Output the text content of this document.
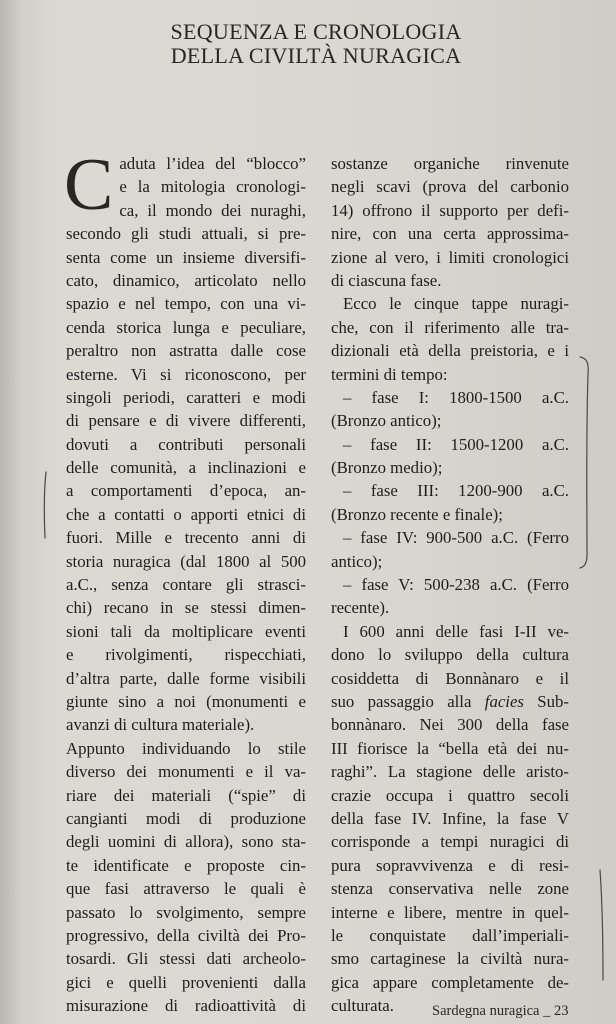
SEQUENZA E CRONOLOGIA
DELLA CIVILTÀ NURAGICA
C aduta l’idea del “blocco”
e la mitologia cronologi-
ca, il mondo dei nuraghi,
secondo gli studi attuali, si pre-
senta come un insieme diversifi-
cato, dinamico, articolato nello
spazio e nel tempo, con una vi-
cenda storica lunga e peculiare,
peraltro non astratta dalle cose
esterne. Vi si riconoscono, per
singoli periodi, caratteri e modi
di pensare e di vivere differenti,
dovuti a contributi personali
delle comunità, a inclinazioni e
a comportamenti d’epoca, an-
che a contatti o apporti etnici di
fuori. Mille e trecento anni di
storia nuragica (dal 1800 al 500
a.C., senza contare gli strasci-
chi) recano in se stessi dimen-
sioni tali da moltiplicare eventi
e rivolgimenti, rispecchiati,
d’altra parte, dalle forme visibili
giunte sino a noi (monumenti e
avanzi di cultura materiale).
Appunto individuando lo stile
diverso dei monumenti e il va-
riare dei materiali (“spie” di
cangianti modi di produzione
degli uomini di allora), sono sta-
te identificate e proposte cin-
que fasi attraverso le quali è
passato lo svolgimento, sempre
progressivo, della civiltà dei Pro-
tosardi. Gli stessi dati archeolo-
gici e quelli provenienti dalla
misurazione di radioattività di
sostanze organiche rinvenute
negli scavi (prova del carbonio
14) offrono il supporto per defi-
nire, con una certa approssima-
zione al vero, i limiti cronologici
di ciascuna fase.
Ecco le cinque tappe nuragi-
che, con il riferimento alle tra-
dizionali età della preistoria, e i
termini di tempo:
– fase I: 1800-1500 a.C.
(Bronzo antico);
– fase II: 1500-1200 a.C.
(Bronzo medio);
– fase III: 1200-900 a.C.
(Bronzo recente e finale);
– fase IV: 900-500 a.C. (Ferro
antico);
– fase V: 500-238 a.C. (Ferro
recente).
I 600 anni delle fasi I-II ve-
dono lo sviluppo della cultura
cosiddetta di Bonnànaro e il
suo passaggio alla facies Sub-
bonnànaro. Nei 300 della fase
III fiorisce la “bella età dei nu-
raghi”. La stagione delle aristo-
crazie occupa i quattro secoli
della fase IV. Infine, la fase V
corrisponde a tempi nuragici di
pura sopravvivenza e di resi-
stenza conservativa nelle zone
interne e libere, mentre in quel-
le conquistate dall’imperiali-
smo cartaginese la civiltà nura-
gica appare completamente de-
culturata.	Sardegna nuragica _ 23
